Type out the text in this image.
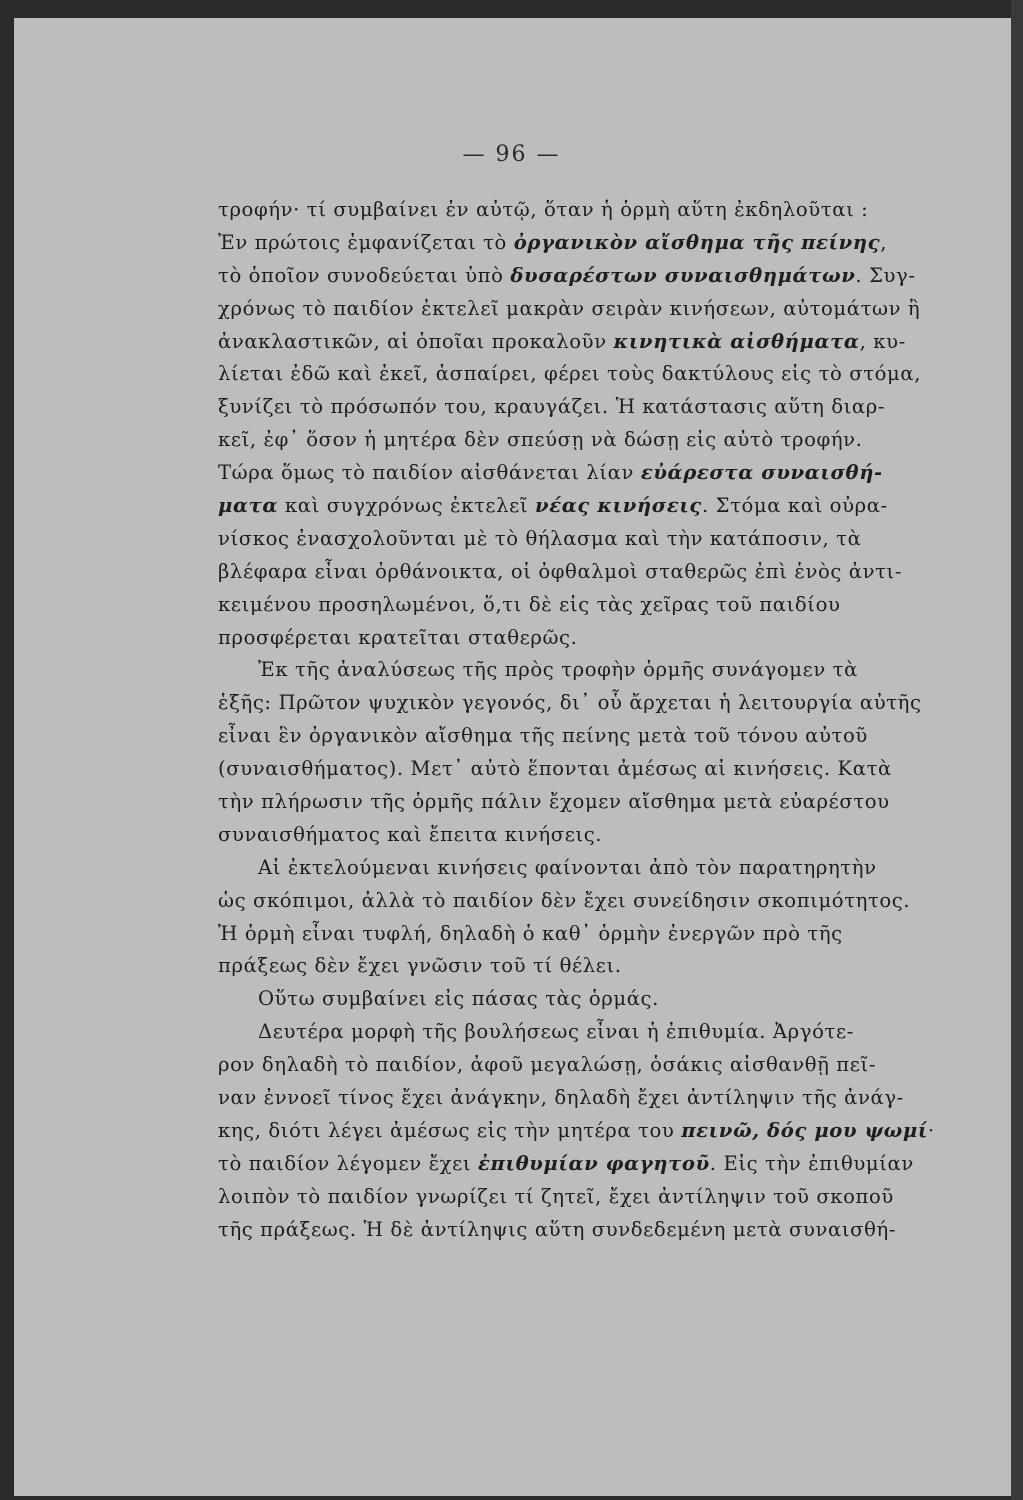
— 96 —
τροφήν· τί συμβαίνει ἐν αὐτῷ, ὅταν ἡ ὁρμὴ αὕτη ἐκδηλοῦται :
Ἐν πρώτοις ἐμφανίζεται τὸ ὀργανικὸν αἴσθημα τῆς πείνης,
τὸ ὁποῖον συνοδεύεται ὑπὸ δυσαρέστων συναισθημάτων. Συγ-
χρόνως τὸ παιδίον ἐκτελεῖ μακρὰν σειρὰν κινήσεων, αὐτομάτων ἢ
ἀνακλαστικῶν, αἱ ὁποῖαι προκαλοῦν κινητικὰ αἰσθήματα, κυ-
λίεται ἐδῶ καὶ ἐκεῖ, ἀσπαίρει, φέρει τοὺς δακτύλους εἰς τὸ στόμα,
ξυνίζει τὸ πρόσωπόν του, κραυγάζει. Ἡ κατάστασις αὕτη διαρ-
κεῖ, ἐφ᾿ ὅσον ἡ μητέρα δὲν σπεύσῃ νὰ δώσῃ εἰς αὐτὸ τροφήν.
Τώρα ὅμως τὸ παιδίον αἰσθάνεται λίαν εὐάρεστα συναισθή-
ματα καὶ συγχρόνως ἐκτελεῖ νέας κινήσεις. Στόμα καὶ οὐρα-
νίσκος ἐνασχολοῦνται μὲ τὸ θήλασμα καὶ τὴν κατάποσιν, τὰ
βλέφαρα εἶναι ὀρθάνοικτα, οἱ ὀφθαλμοὶ σταθερῶς ἐπὶ ἑνὸς ἀντι-
κειμένου προσηλωμένοι, ὅ,τι δὲ εἰς τὰς χεῖρας τοῦ παιδίου
προσφέρεται κρατεῖται σταθερῶς.
Ἐκ τῆς ἀναλύσεως τῆς πρὸς τροφὴν ὁρμῆς συνάγομεν τὰ
ἑξῆς: Πρῶτον ψυχικὸν γεγονός, δι᾿ οὗ ἄρχεται ἡ λειτουργία αὐτῆς
εἶναι ἓν ὀργανικὸν αἴσθημα τῆς πείνης μετὰ τοῦ τόνου αὐτοῦ
(συναισθήματος). Μετ᾿ αὐτὸ ἕπονται ἀμέσως αἱ κινήσεις. Κατὰ
τὴν πλήρωσιν τῆς ὁρμῆς πάλιν ἔχομεν αἴσθημα μετὰ εὐαρέστου
συναισθήματος καὶ ἔπειτα κινήσεις.
Αἱ ἐκτελούμεναι κινήσεις φαίνονται ἀπὸ τὸν παρατηρητὴν
ὡς σκόπιμοι, ἀλλὰ τὸ παιδίον δὲν ἔχει συνείδησιν σκοπιμότητος.
Ἡ ὁρμὴ εἶναι τυφλή, δηλαδὴ ὁ καθ᾿ ὁρμὴν ἐνεργῶν πρὸ τῆς
πράξεως δὲν ἔχει γνῶσιν τοῦ τί θέλει.
Οὕτω συμβαίνει εἰς πάσας τὰς ὁρμάς.
Δευτέρα μορφὴ τῆς βουλήσεως εἶναι ἡ ἐπιθυμία. Ἀργότε-
ρον δηλαδὴ τὸ παιδίον, ἀφοῦ μεγαλώσῃ, ὁσάκις αἰσθανθῇ πεῖ-
ναν ἐννοεῖ τίνος ἔχει ἀνάγκην, δηλαδὴ ἔχει ἀντίληψιν τῆς ἀνάγ-
κης, διότι λέγει ἀμέσως εἰς τὴν μητέρα του πεινῶ, δός μου ψωμί·
τὸ παιδίον λέγομεν ἔχει ἐπιθυμίαν φαγητοῦ. Εἰς τὴν ἐπιθυμίαν
λοιπὸν τὸ παιδίον γνωρίζει τί ζητεῖ, ἔχει ἀντίληψιν τοῦ σκοποῦ
τῆς πράξεως. Ἡ δὲ ἀντίληψις αὕτη συνδεδεμένη μετὰ συναισθή-
